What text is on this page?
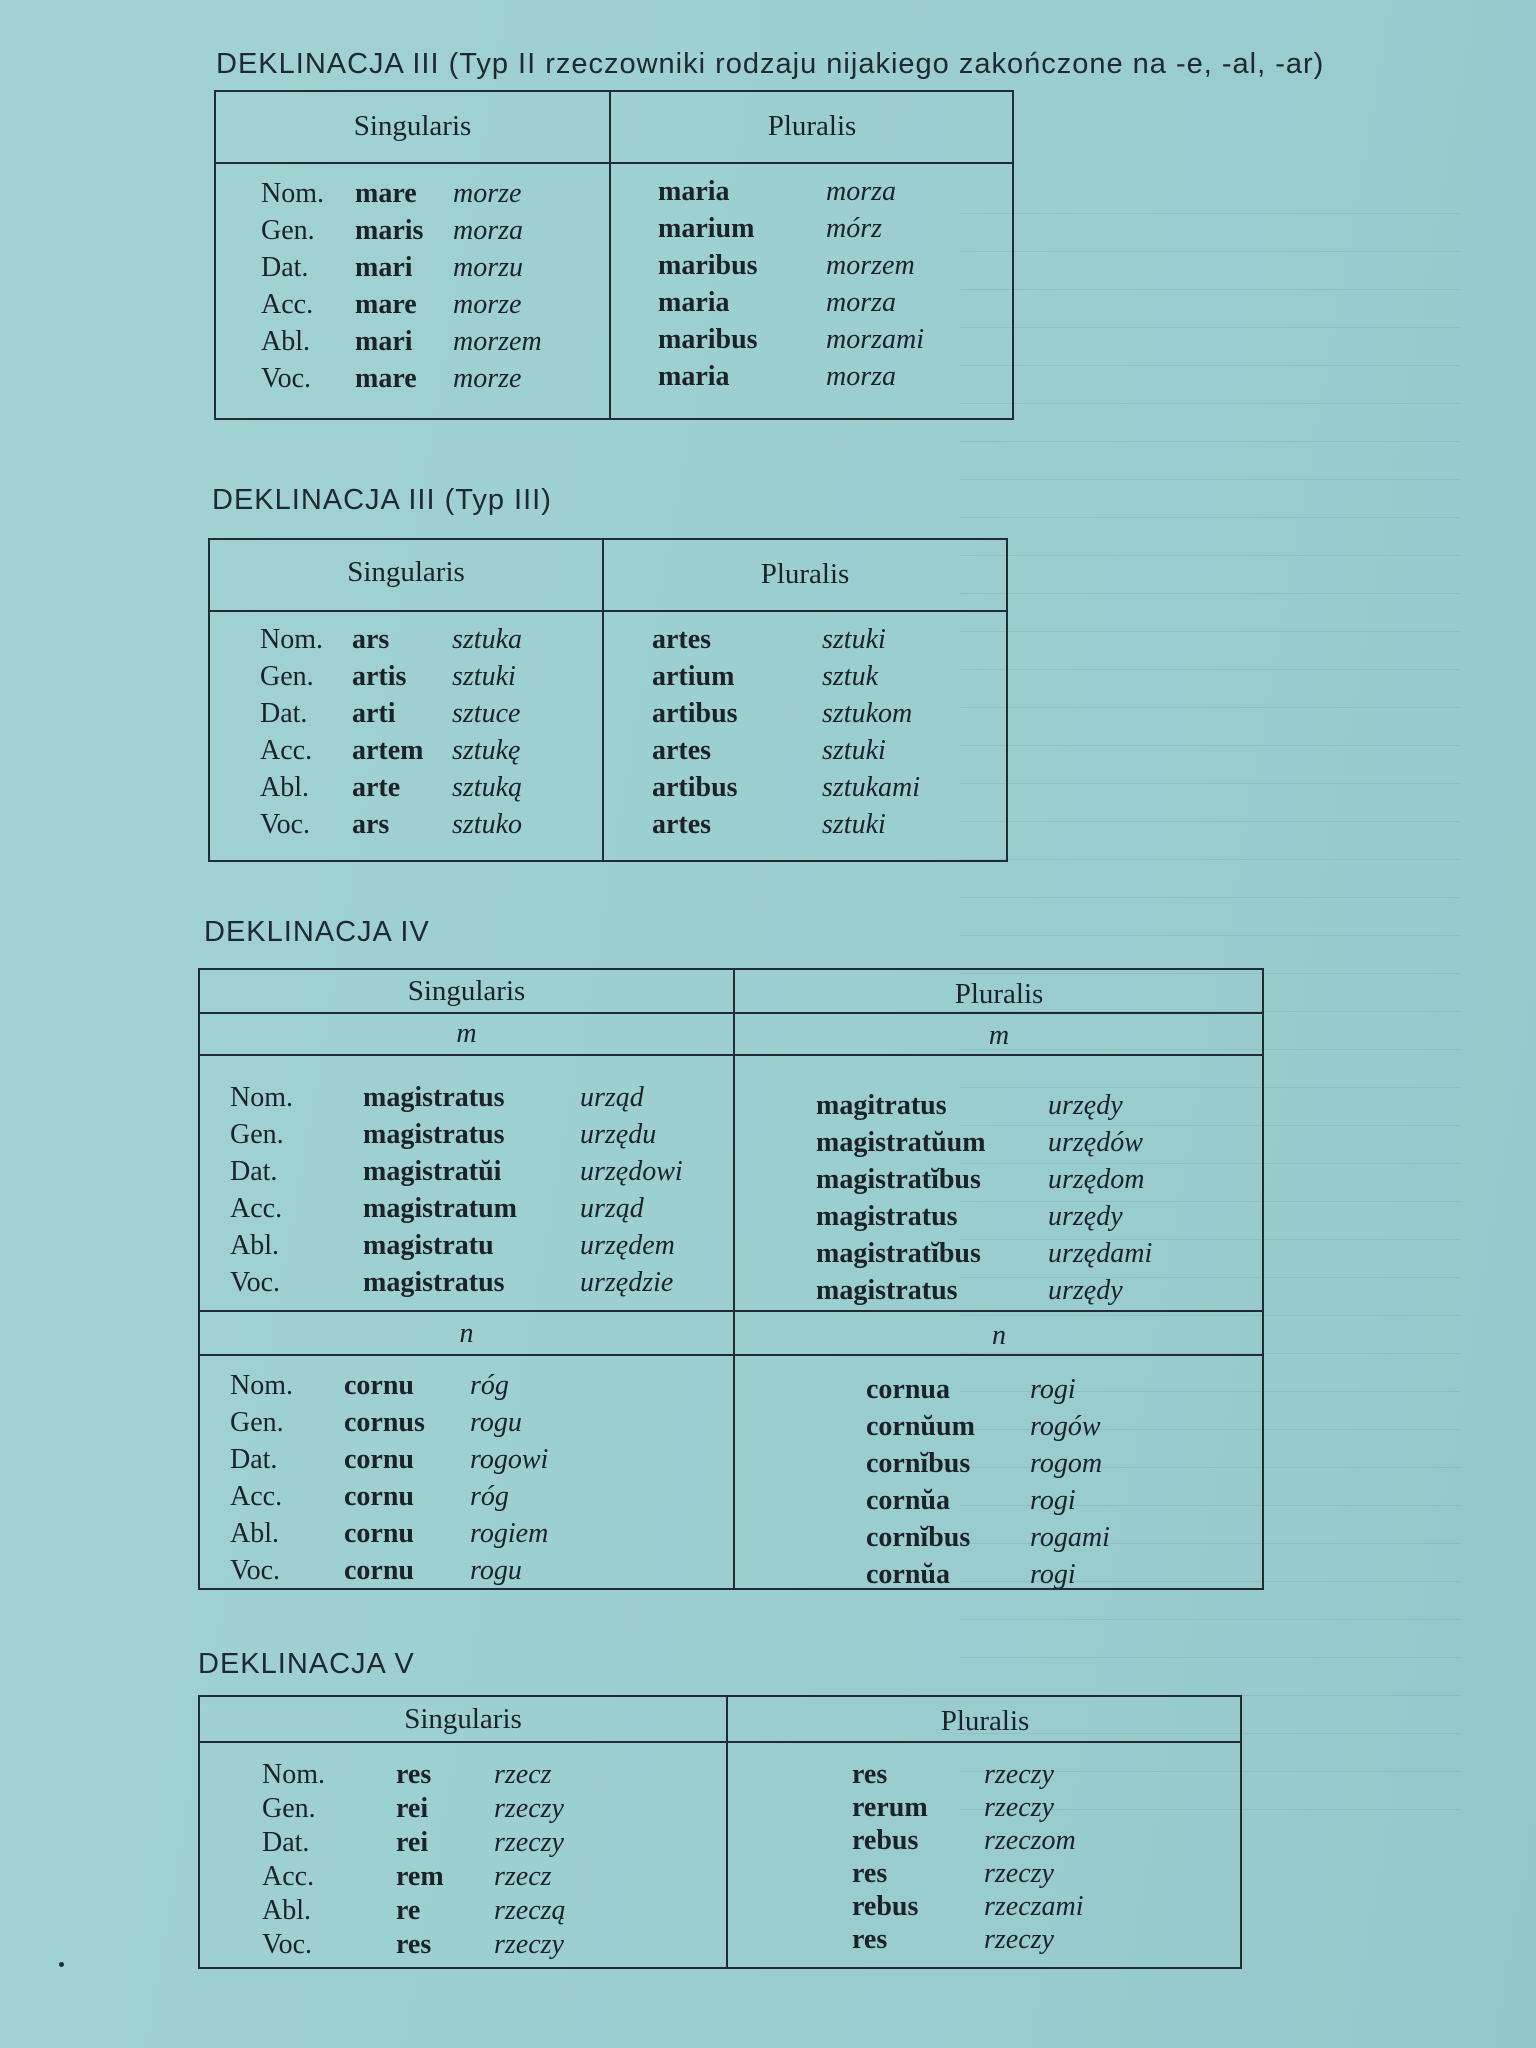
DEKLINACJA III (Typ II rzeczowniki rodzaju nijakiego zakończone na -e, -al, -ar)
Singularis	Pluralis
Nom. mare morze
Gen. maris morza
Dat. mari morzu
Acc. mare morze
Abl. mari morzem
Voc. mare morze
maria	morza
marium	mórz
maribus morzem
maria	morza
maribus morzami
maria	morza
DEKLINACJA III (Typ III)
Singularis	Pluralis
Nom. ars sztuka
Gen. artis sztuki
Dat. arti sztuce
Acc. artem sztukę
Abl. arte sztuką
Voc. ars sztuko
artes	sztuki
artium	sztuk
artibus	sztukom
artes	sztuki
artibus	sztukami
artes	sztuki
DEKLINACJA IV
Singularis	Pluralis
m	m
Nom.	magistratus	urząd
Gen.	magistratus	urzędu
Dat.	magistratŭi	urzędowi
Acc.	magistratum urząd
Abl.	magistratu	urzędem
Voc.	magistratus	urzędzie
magitratus	urzędy
magistratŭum urzędów
magistratĭbus urzędom
magistratus	urzędy
magistratĭbus urzędami
magistratus	urzędy
n	n
Nom. cornu róg
Gen. cornus rogu
Dat. cornu rogowi
Acc. cornu róg
Abl. cornu rogiem
Voc. cornu rogu
cornua	rogi
cornŭum rogów
cornĭbus rogom
cornŭa	rogi
cornĭbus rogami
cornŭa	rogi
DEKLINACJA V
Singularis	Pluralis
Nom.	res rzecz
Gen.	rei rzeczy
Dat.	rei rzeczy
Acc.	rem rzecz
Abl.	re	rzeczą
Voc.	res rzeczy
res	rzeczy
rerum rzeczy
rebus rzeczom
res	rzeczy
rebus rzeczami
res	rzeczy
